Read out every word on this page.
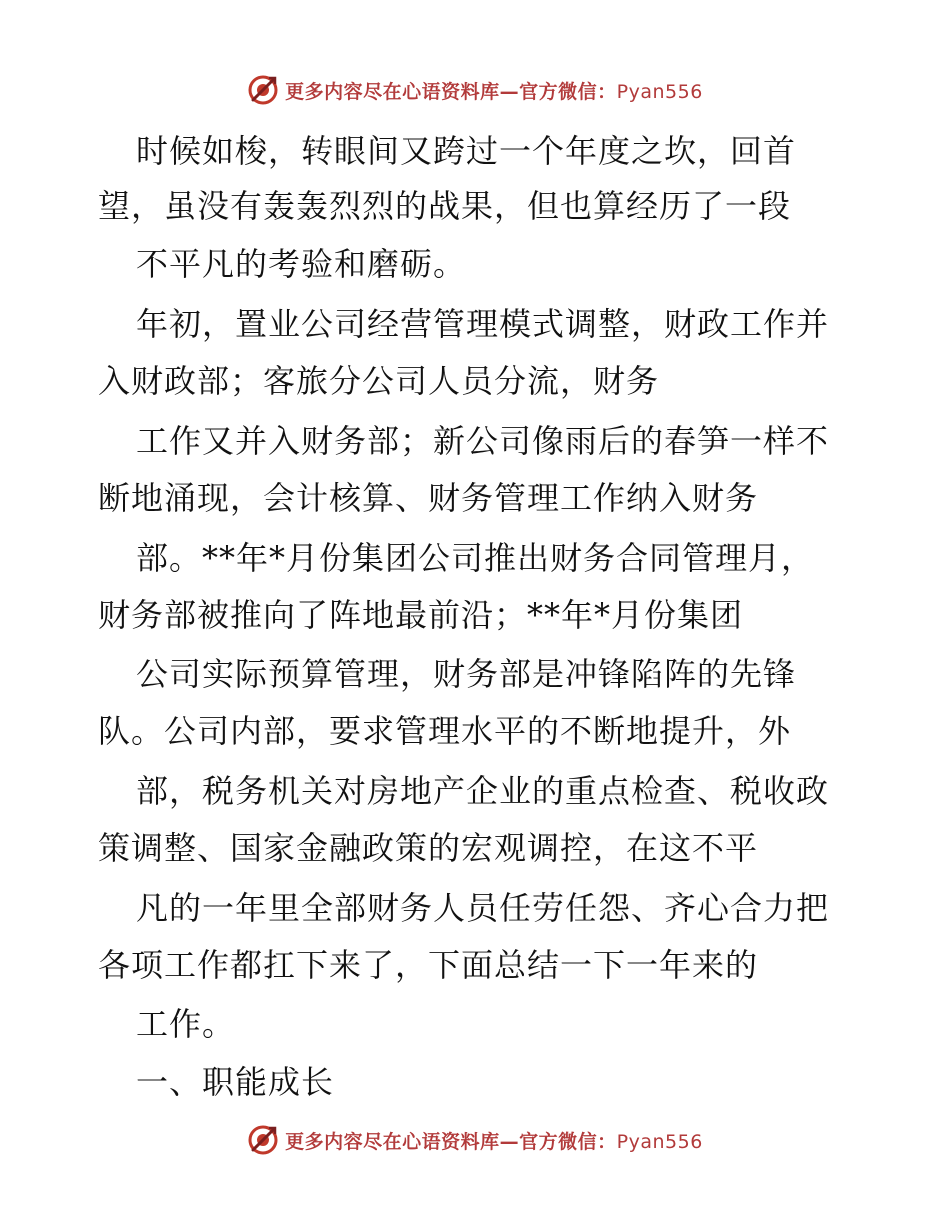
更多内容尽在心语资料库—官方微信：Pyan556
时候如梭，转眼间又跨过一个年度之坎，回首
望，虽没有轰轰烈烈的战果，但也算经历了一段
不平凡的考验和磨砺。
年初，置业公司经营管理模式调整，财政工作并
入财政部；客旅分公司人员分流，财务
工作又并入财务部；新公司像雨后的春笋一样不
断地涌现，会计核算、财务管理工作纳入财务
部。**年*月份集团公司推出财务合同管理月，
财务部被推向了阵地最前沿；**年*月份集团
公司实际预算管理，财务部是冲锋陷阵的先锋
队。公司内部，要求管理水平的不断地提升，外
部，税务机关对房地产企业的重点检查、税收政
策调整、国家金融政策的宏观调控，在这不平
凡的一年里全部财务人员任劳任怨、齐心合力把
各项工作都扛下来了，下面总结一下一年来的
工作。
一、职能成长
更多内容尽在心语资料库—官方微信：Pyan556
